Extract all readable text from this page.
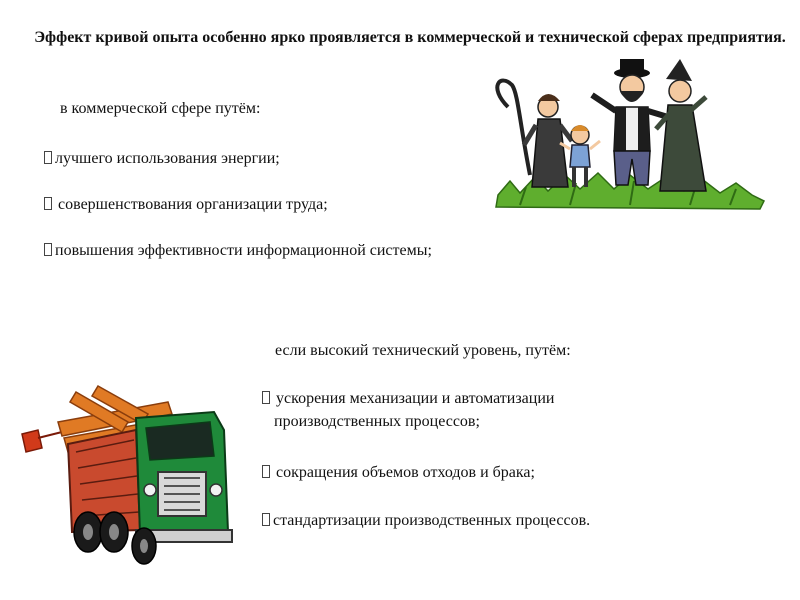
Эффект кривой опыта особенно ярко проявляется в коммерческой и технической сферах предприятия.
в коммерческой сфере путём:
лучшего использования энергии;
совершенствования организации труда;
повышения эффективности информационной системы;
если высокий технический уровень, путём:
ускорения механизации и автоматизации
производственных процессов;
сокращения объемов отходов и брака;
стандартизации производственных процессов.
